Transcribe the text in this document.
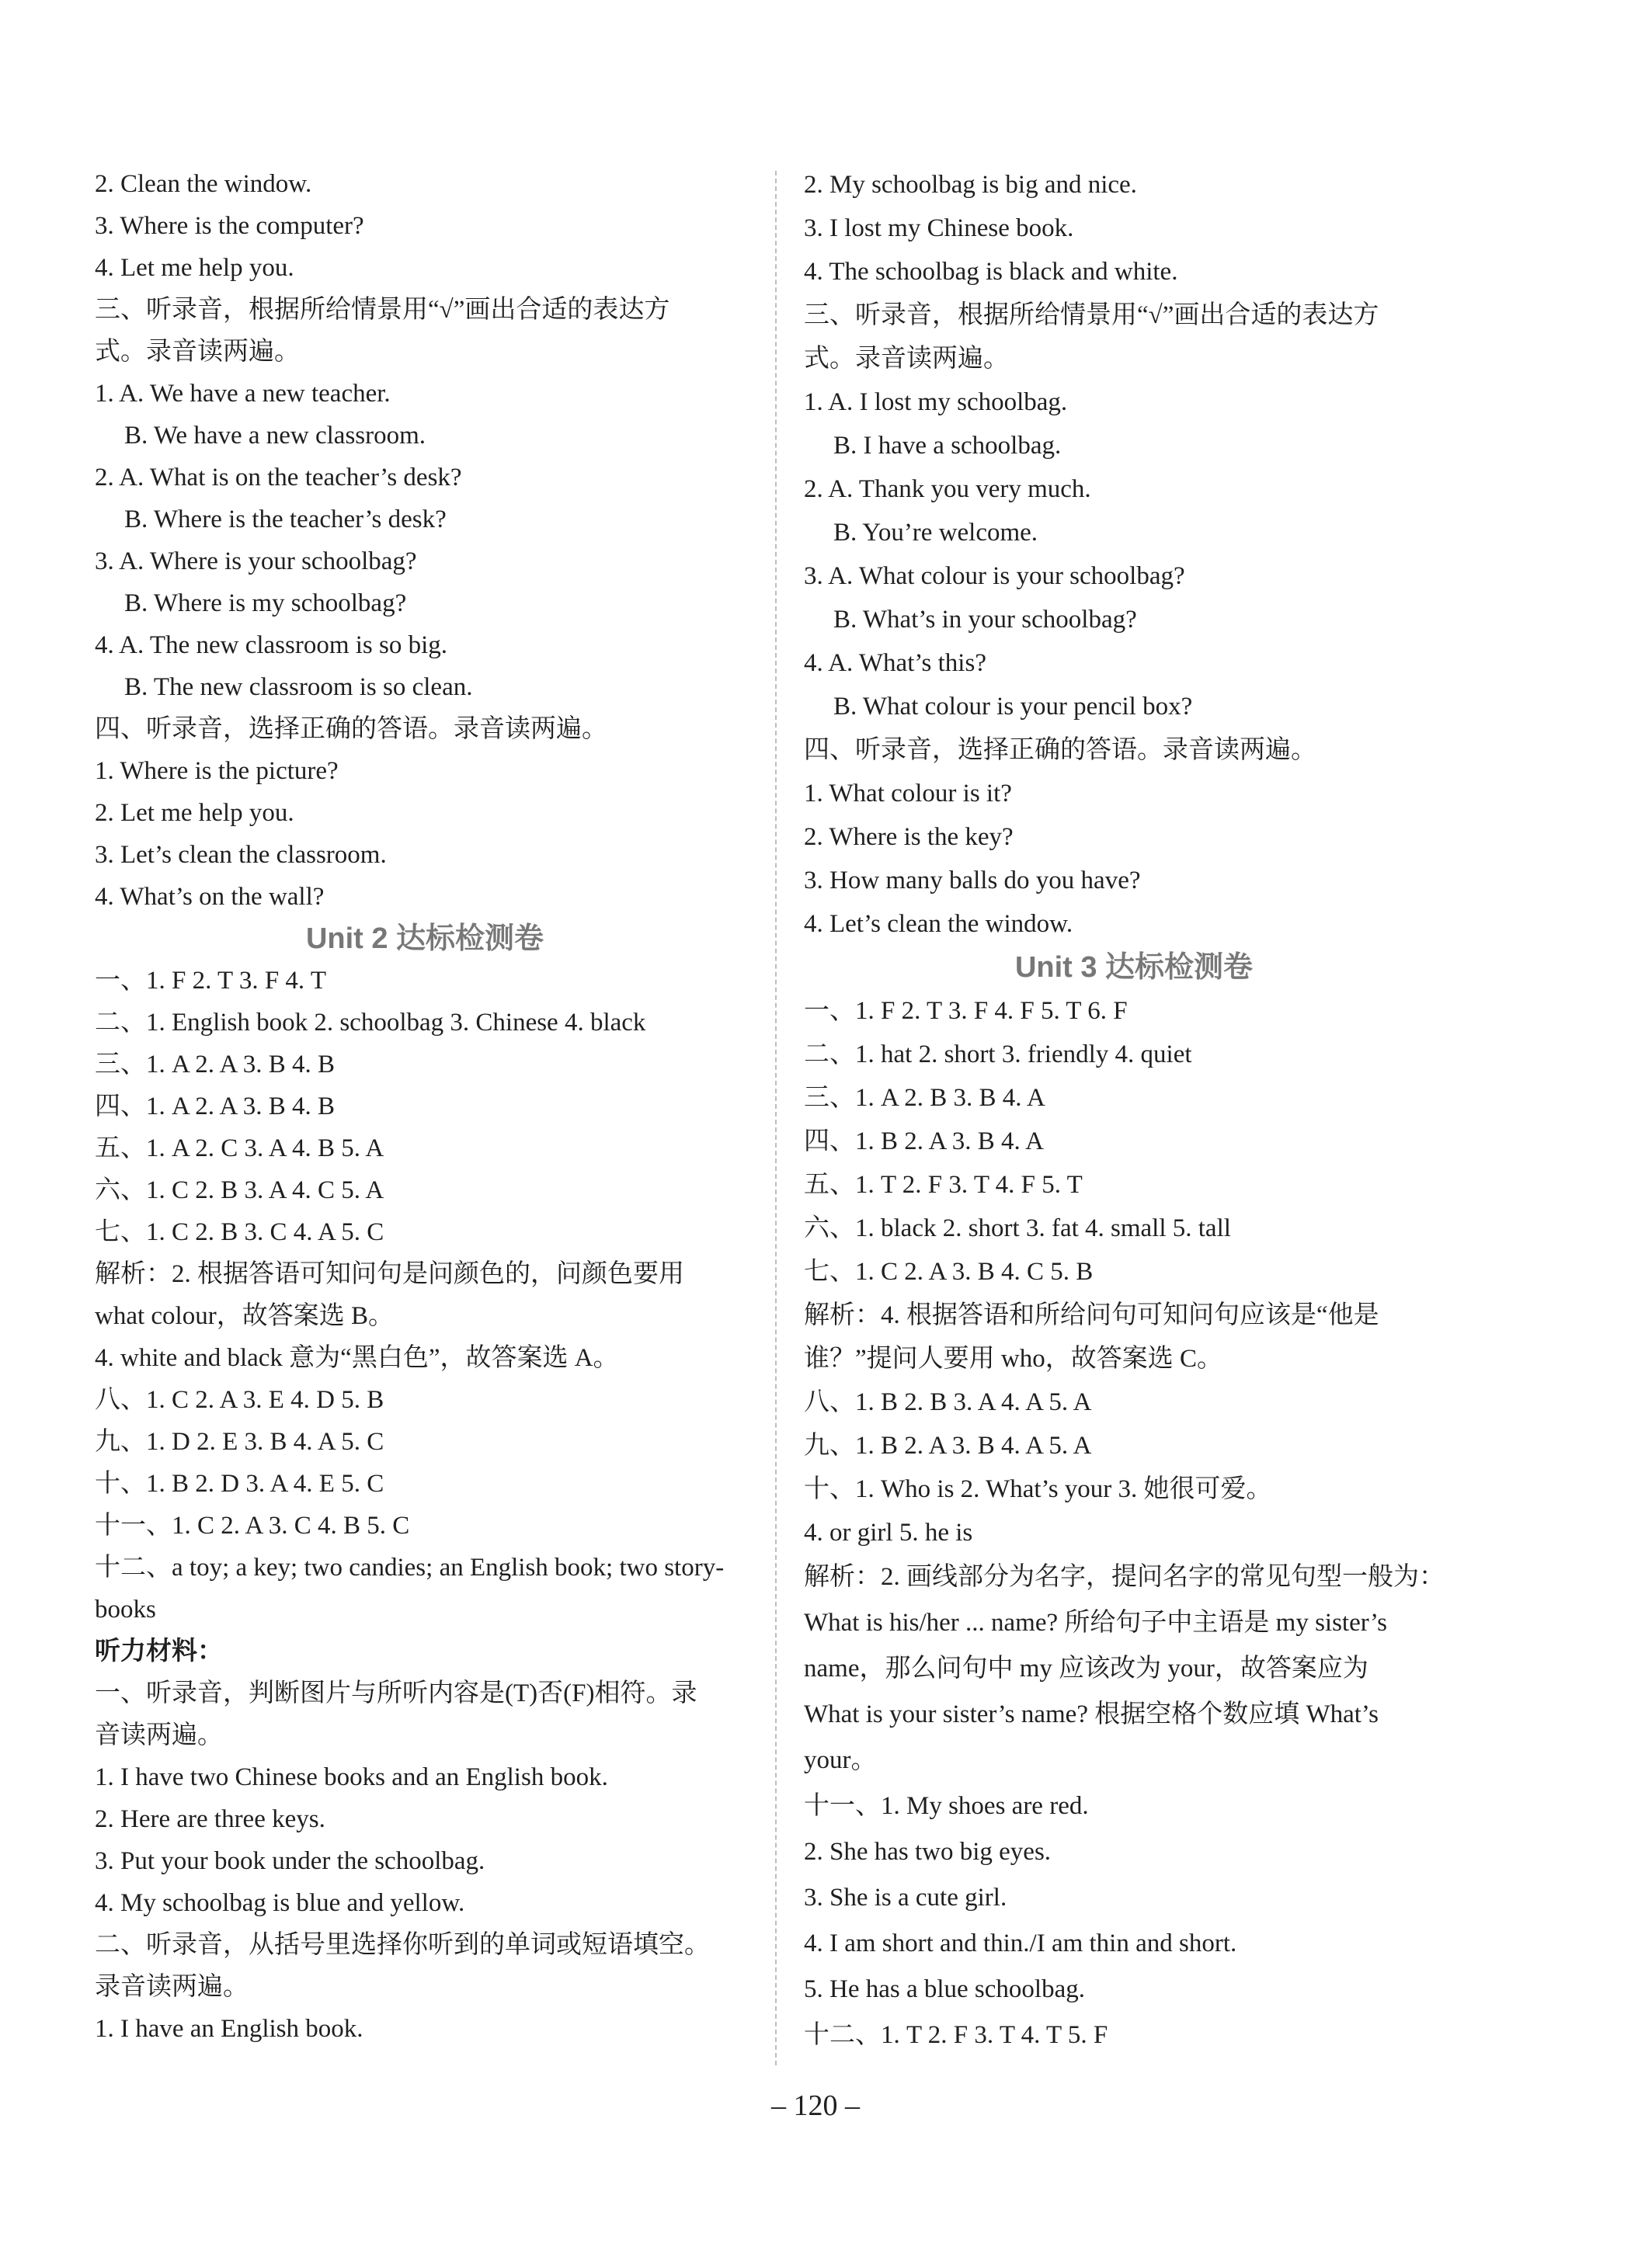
2. Clean the window.
3. Where is the computer?
4. Let me help you.
三、听录音，根据所给情景用“√”画出合适的表达方
式。录音读两遍。
1. A. We have a new teacher.
B. We have a new classroom.
2. A. What is on the teacher’s desk?
B. Where is the teacher’s desk?
3. A. Where is your schoolbag?
B. Where is my schoolbag?
4. A. The new classroom is so big.
B. The new classroom is so clean.
四、听录音，选择正确的答语。录音读两遍。
1. Where is the picture?
2. Let me help you.
3. Let’s clean the classroom.
4. What’s on the wall?
Unit 2 达标检测卷
一、1. F 2. T 3. F 4. T
二、1. English book 2. schoolbag 3. Chinese 4. black
三、1. A 2. A 3. B 4. B
四、1. A 2. A 3. B 4. B
五、1. A 2. C 3. A 4. B 5. A
六、1. C 2. B 3. A 4. C 5. A
七、1. C 2. B 3. C 4. A 5. C
解析：2. 根据答语可知问句是问颜色的，问颜色要用
what colour，故答案选 B。
4. white and black 意为“黑白色”，故答案选 A。
八、1. C 2. A 3. E 4. D 5. B
九、1. D 2. E 3. B 4. A 5. C
十、1. B 2. D 3. A 4. E 5. C
十一、1. C 2. A 3. C 4. B 5. C
十二、a toy; a key; two candies; an English book; two story-
books
听力材料：
一、听录音，判断图片与所听内容是(T)否(F)相符。录
音读两遍。
1. I have two Chinese books and an English book.
2. Here are three keys.
3. Put your book under the schoolbag.
4. My schoolbag is blue and yellow.
二、听录音，从括号里选择你听到的单词或短语填空。
录音读两遍。
1. I have an English book.
2. My schoolbag is big and nice.
3. I lost my Chinese book.
4. The schoolbag is black and white.
三、听录音，根据所给情景用“√”画出合适的表达方
式。录音读两遍。
1. A. I lost my schoolbag.
B. I have a schoolbag.
2. A. Thank you very much.
B. You’re welcome.
3. A. What colour is your schoolbag?
B. What’s in your schoolbag?
4. A. What’s this?
B. What colour is your pencil box?
四、听录音，选择正确的答语。录音读两遍。
1. What colour is it?
2. Where is the key?
3. How many balls do you have?
4. Let’s clean the window.
Unit 3 达标检测卷
一、1. F 2. T 3. F 4. F 5. T 6. F
二、1. hat 2. short 3. friendly 4. quiet
三、1. A 2. B 3. B 4. A
四、1. B 2. A 3. B 4. A
五、1. T 2. F 3. T 4. F 5. T
六、1. black 2. short 3. fat 4. small 5. tall
七、1. C 2. A 3. B 4. C 5. B
解析：4. 根据答语和所给问句可知问句应该是“他是
谁？”提问人要用 who，故答案选 C。
八、1. B 2. B 3. A 4. A 5. A
九、1. B 2. A 3. B 4. A 5. A
十、1. Who is 2. What’s your 3. 她很可爱。
4. or girl 5. he is
解析：2. 画线部分为名字，提问名字的常见句型一般为：
What is his/her ... name? 所给句子中主语是 my sister’s
name，那么问句中 my 应该改为 your，故答案应为
What is your sister’s name? 根据空格个数应填 What’s
your。
十一、1. My shoes are red.
2. She has two big eyes.
3. She is a cute girl.
4. I am short and thin./I am thin and short.
5. He has a blue schoolbag.
十二、1. T 2. F 3. T 4. T 5. F
– 120 –
